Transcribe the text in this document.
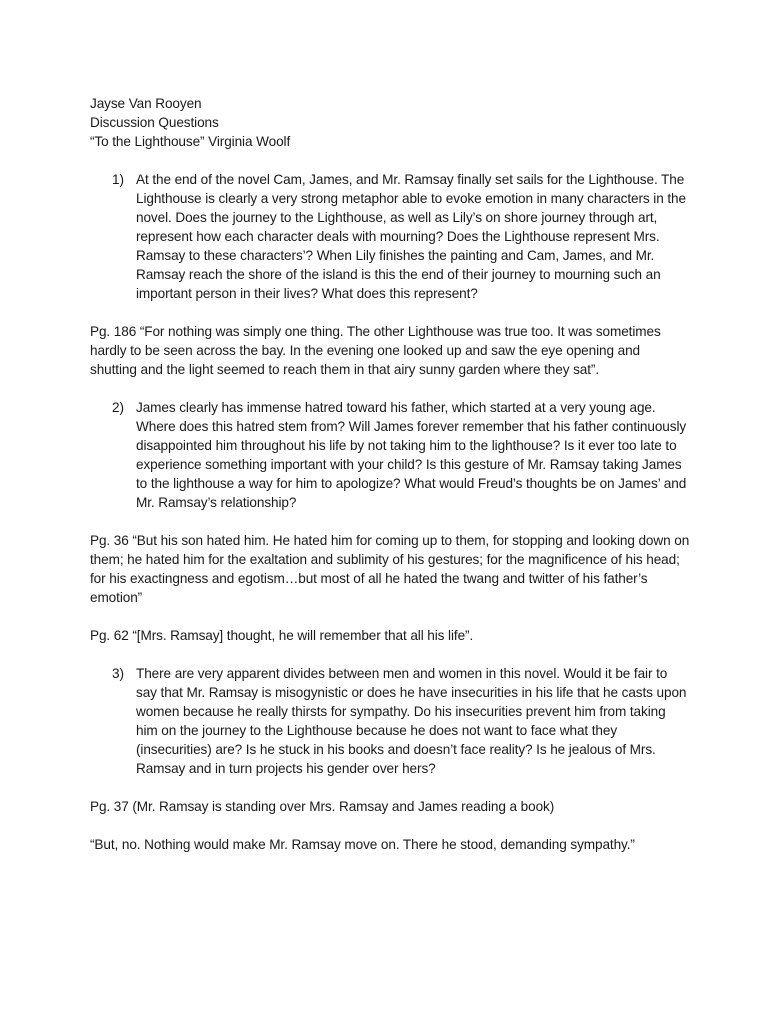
Jayse Van Rooyen
Discussion Questions
“To the Lighthouse” Virginia Woolf
1) At the end of the novel Cam, James, and Mr. Ramsay finally set sails for the Lighthouse. The Lighthouse is clearly a very strong metaphor able to evoke emotion in many characters in the novel. Does the journey to the Lighthouse, as well as Lily’s on shore journey through art, represent how each character deals with mourning? Does the Lighthouse represent Mrs. Ramsay to these characters’? When Lily finishes the painting and Cam, James, and Mr. Ramsay reach the shore of the island is this the end of their journey to mourning such an important person in their lives? What does this represent?
Pg. 186 “For nothing was simply one thing. The other Lighthouse was true too. It was sometimes hardly to be seen across the bay. In the evening one looked up and saw the eye opening and shutting and the light seemed to reach them in that airy sunny garden where they sat”.
2) James clearly has immense hatred toward his father, which started at a very young age. Where does this hatred stem from? Will James forever remember that his father continuously disappointed him throughout his life by not taking him to the lighthouse? Is it ever too late to experience something important with your child? Is this gesture of Mr. Ramsay taking James to the lighthouse a way for him to apologize? What would Freud’s thoughts be on James’ and Mr. Ramsay’s relationship?
Pg. 36 “But his son hated him. He hated him for coming up to them, for stopping and looking down on them; he hated him for the exaltation and sublimity of his gestures; for the magnificence of his head; for his exactingness and egotism…but most of all he hated the twang and twitter of his father’s emotion”
Pg. 62 “[Mrs. Ramsay] thought, he will remember that all his life”.
3) There are very apparent divides between men and women in this novel. Would it be fair to say that Mr. Ramsay is misogynistic or does he have insecurities in his life that he casts upon women because he really thirsts for sympathy. Do his insecurities prevent him from taking him on the journey to the Lighthouse because he does not want to face what they (insecurities) are? Is he stuck in his books and doesn’t face reality? Is he jealous of Mrs. Ramsay and in turn projects his gender over hers?
Pg. 37 (Mr. Ramsay is standing over Mrs. Ramsay and James reading a book)
“But, no. Nothing would make Mr. Ramsay move on. There he stood, demanding sympathy.”
